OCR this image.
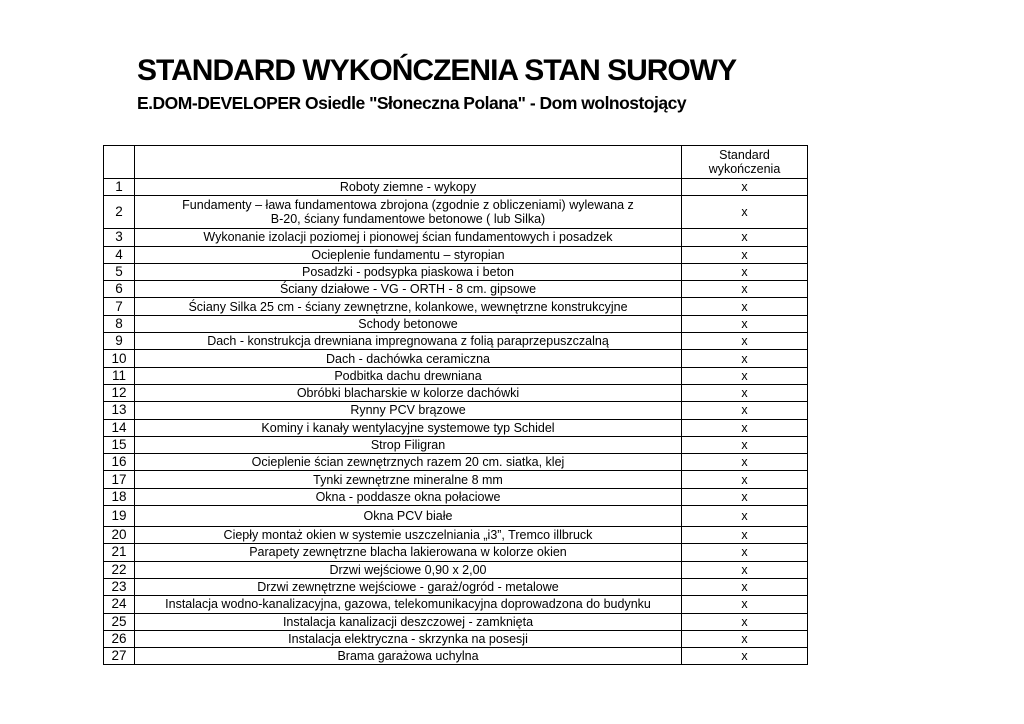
STANDARD WYKOŃCZENIA STAN SUROWY
E.DOM-DEVELOPER Osiedle "Słoneczna Polana" - Dom wolnostojący
		Standard wykończenia
1	Roboty ziemne - wykopy	x
2	Fundamenty – ława fundamentowa zbrojona (zgodnie z obliczeniami) wylewana z B-20, ściany fundamentowe betonowe ( lub Silka)	x
3	Wykonanie izolacji poziomej i pionowej ścian fundamentowych i posadzek	x
4	Ocieplenie fundamentu – styropian	x
5	Posadzki - podsypka piaskowa i beton	x
6	Ściany działowe - VG - ORTH - 8 cm. gipsowe	x
7	Ściany Silka 25 cm - ściany zewnętrzne, kolankowe, wewnętrzne konstrukcyjne	x
8	Schody betonowe	x
9	Dach - konstrukcja drewniana impregnowana z folią paraprzepuszczalną	x
10	Dach - dachówka ceramiczna	x
11	Podbitka dachu drewniana	x
12	Obróbki blacharskie w kolorze dachówki	x
13	Rynny PCV brązowe	x
14	Kominy i kanały wentylacyjne systemowe typ Schidel	x
15	Strop Filigran	x
16	Ocieplenie ścian zewnętrznych razem 20 cm. siatka, klej	x
17	Tynki zewnętrzne mineralne 8 mm	x
18	Okna - poddasze okna połaciowe	x
19	Okna PCV białe	x
20	Ciepły montaż okien w systemie uszczelniania „i3”, Tremco illbruck	x
21	Parapety zewnętrzne blacha lakierowana w kolorze okien	x
22	Drzwi wejściowe 0,90 x 2,00	x
23	Drzwi zewnętrzne wejściowe - garaż/ogród - metalowe	x
24	Instalacja wodno-kanalizacyjna, gazowa, telekomunikacyjna doprowadzona do budynku	x
25	Instalacja kanalizacji deszczowej - zamknięta	x
26	Instalacja elektryczna - skrzynka na posesji	x
27	Brama garażowa uchylna	x
